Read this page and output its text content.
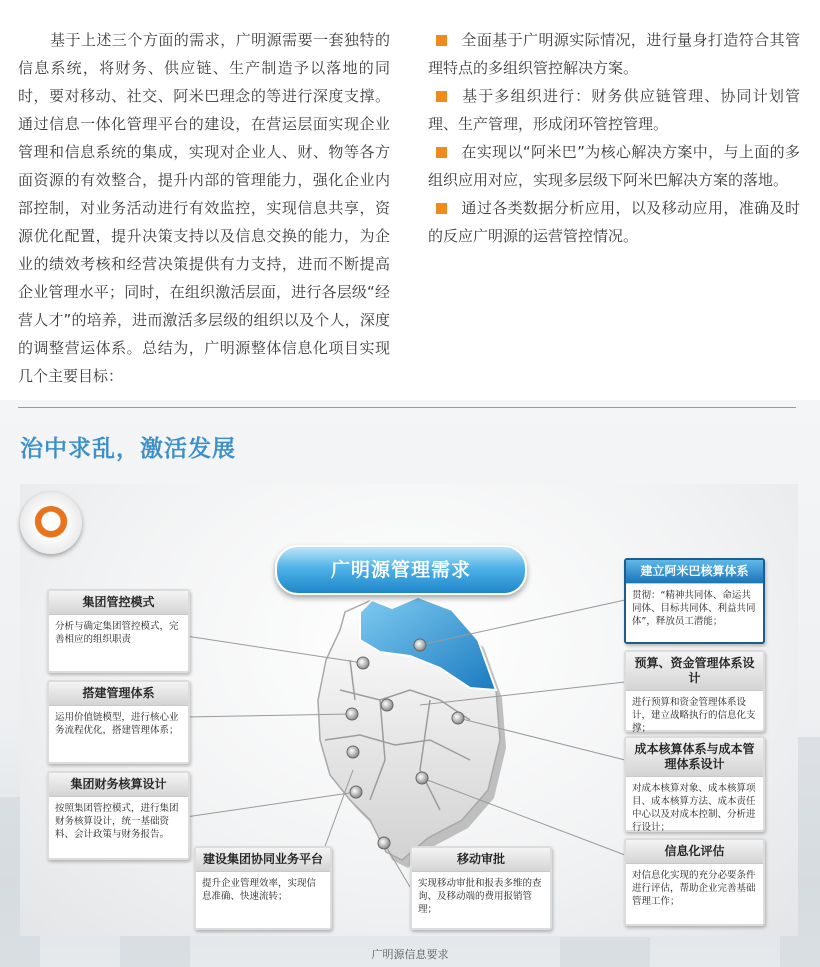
基于上述三个方面的需求，广明源需要一套独特的信息系统，将财务、供应链、生产制造予以落地的同时，要对移动、社交、阿米巴理念的等进行深度支撑。通过信息一体化管理平台的建设，在营运层面实现企业管理和信息系统的集成，实现对企业人、财、物等各方面资源的有效整合，提升内部的管理能力，强化企业内部控制，对业务活动进行有效监控，实现信息共享，资源优化配置，提升决策支持以及信息交换的能力，为企业的绩效考核和经营决策提供有力支持，进而不断提高企业管理水平；同时，在组织激活层面，进行各层级“经营人才”的培养，进而激活多层级的组织以及个人，深度的调整营运体系。总结为，广明源整体信息化项目实现几个主要目标：

全面基于广明源实际情况，进行量身打造符合其管理特点的多组织管控解决方案。

基于多组织进行：财务供应链管理、协同计划管理、生产管理，形成闭环管控管理。

在实现以“阿米巴”为核心解决方案中，与上面的多组织应用对应，实现多层级下阿米巴解决方案的落地。

通过各类数据分析应用，以及移动应用，准确及时的反应广明源的运营管控情况。

治中求乱，激活发展
广明源管理需求
集团管控模式
分析与确定集团管控模式，完善相应的组织职责
搭建管理体系
运用价值链模型，进行核心业务流程优化，搭建管理体系；
集团财务核算设计
按照集团管控模式，进行集团财务核算设计，统一基础资料、会计政策与财务报告。
建设集团协同业务平台
提升企业管理效率，实现信息准确、快速流转；
移动审批
实现移动审批和报表多维的查询、及移动端的费用报销管理；
建立阿米巴核算体系
贯彻：“精神共同体、命运共同体、目标共同体、利益共同体”，释放员工潜能；
预算、资金管理体系设计
进行预算和资金管理体系设计，建立战略执行的信息化支撑；
成本核算体系与成本管理体系设计
对成本核算对象、成本核算项目、成本核算方法、成本责任中心以及对成本控制、分析进行设计；
信息化评估
对信息化实现的充分必要条件进行评估，帮助企业完善基础管理工作；
广明源信息要求
